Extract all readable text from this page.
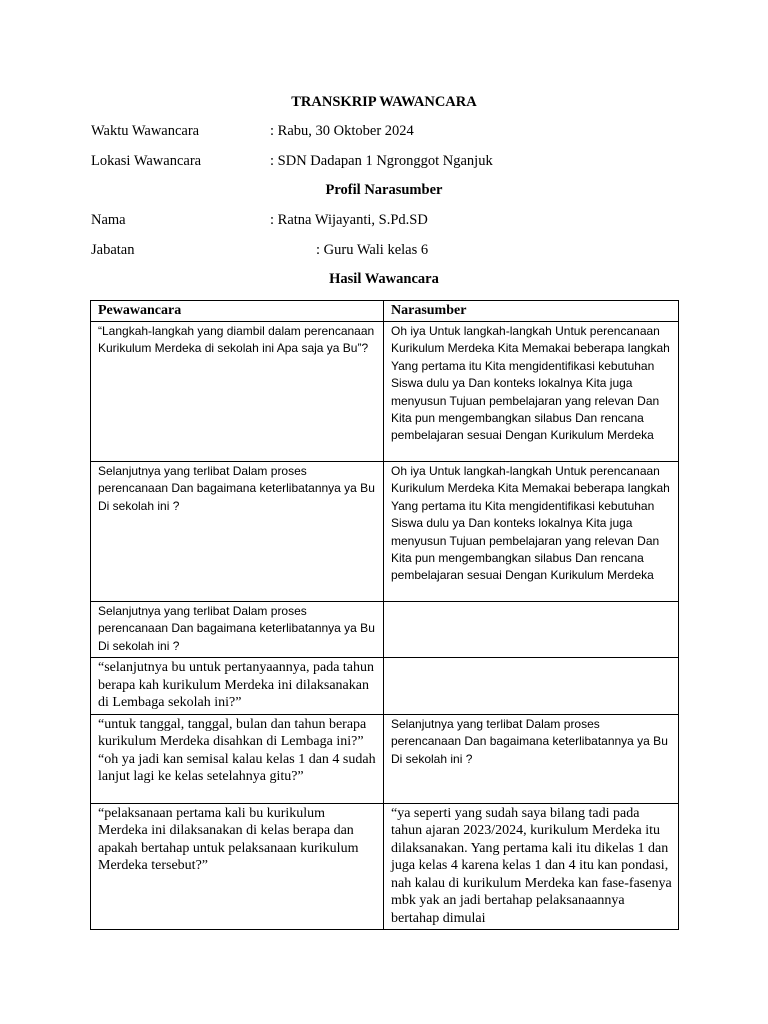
TRANSKRIP WAWANCARA
Waktu Wawancara	: Rabu, 30 Oktober 2024
Lokasi Wawancara	: SDN Dadapan 1 Ngronggot Nganjuk
Profil Narasumber
Nama	: Ratna Wijayanti, S.Pd.SD
Jabatan	: Guru Wali kelas 6
Hasil Wawancara
Pewawancara	Narasumber
“Langkah-langkah yang diambil dalam perencanaan Kurikulum Merdeka di sekolah ini Apa saja ya Bu”?	Oh iya Untuk langkah-langkah Untuk perencanaan Kurikulum Merdeka Kita Memakai beberapa langkah Yang pertama itu Kita mengidentifikasi kebutuhan Siswa dulu ya Dan konteks lokalnya Kita juga menyusun Tujuan pembelajaran yang relevan Dan Kita pun mengembangkan silabus Dan rencana pembelajaran sesuai Dengan Kurikulum Merdeka
Selanjutnya yang terlibat Dalam proses perencanaan Dan bagaimana keterlibatannya ya Bu Di sekolah ini ?	Oh iya Untuk langkah-langkah Untuk perencanaan Kurikulum Merdeka Kita Memakai beberapa langkah Yang pertama itu Kita mengidentifikasi kebutuhan Siswa dulu ya Dan konteks lokalnya Kita juga menyusun Tujuan pembelajaran yang relevan Dan Kita pun mengembangkan silabus Dan rencana pembelajaran sesuai Dengan Kurikulum Merdeka
Selanjutnya yang terlibat Dalam proses perencanaan Dan bagaimana keterlibatannya ya Bu Di sekolah ini ?	
“selanjutnya bu untuk pertanyaannya, pada tahun berapa kah kurikulum Merdeka ini dilaksanakan di Lembaga sekolah ini?”	

“untuk tanggal, tanggal, bulan dan tahun berapa kurikulum Merdeka disahkan di Lembaga ini?”
“oh ya jadi kan semisal kalau kelas 1 dan 4 sudah lanjut lagi ke kelas setelahnya gitu?”	Selanjutnya yang terlibat Dalam proses perencanaan Dan bagaimana keterlibatannya ya Bu Di sekolah ini ?
“pelaksanaan pertama kali bu kurikulum Merdeka ini dilaksanakan di kelas berapa dan apakah bertahap untuk pelaksanaan kurikulum Merdeka tersebut?”	“ya seperti yang sudah saya bilang tadi pada tahun ajaran 2023/2024, kurikulum Merdeka itu dilaksanakan. Yang pertama kali itu dikelas 1 dan juga kelas 4 karena kelas 1 dan 4 itu kan pondasi, nah kalau di kurikulum Merdeka kan fase-fasenya mbk yak an jadi bertahap pelaksanaannya bertahap dimulai
